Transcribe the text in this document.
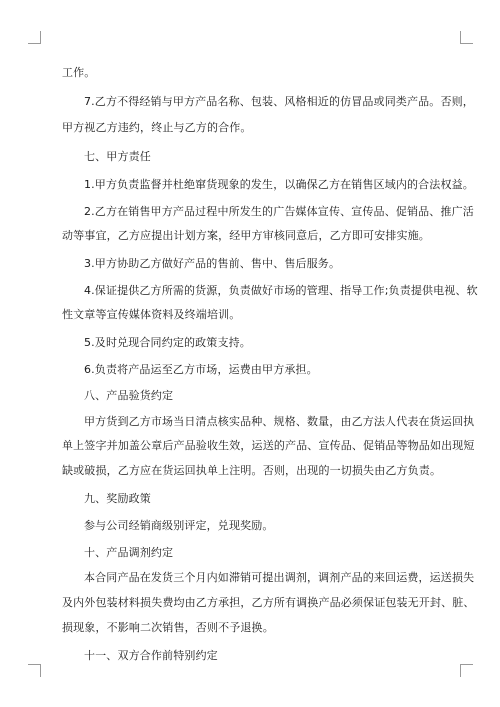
工作。
7.乙方不得经销与甲方产品名称、包装、风格相近的仿冒品或同类产品。否则，
甲方视乙方违约，终止与乙方的合作。
七、甲方责任
1.甲方负责监督并杜绝窜货现象的发生，以确保乙方在销售区域内的合法权益。
2.乙方在销售甲方产品过程中所发生的广告媒体宣传、宣传品、促销品、推广活
动等事宜，乙方应提出计划方案，经甲方审核同意后，乙方即可安排实施。
3.甲方协助乙方做好产品的售前、售中、售后服务。
4.保证提供乙方所需的货源，负责做好市场的管理、指导工作;负责提供电视、软
性文章等宣传媒体资料及终端培训。
5.及时兑现合同约定的政策支持。
6.负责将产品运至乙方市场，运费由甲方承担。
八、产品验货约定
甲方货到乙方市场当日清点核实品种、规格、数量，由乙方法人代表在货运回执
单上签字并加盖公章后产品验收生效，运送的产品、宣传品、促销品等物品如出现短
缺或破损，乙方应在货运回执单上注明。否则，出现的一切损失由乙方负责。
九、奖励政策
参与公司经销商级别评定，兑现奖励。
十、产品调剂约定
本合同产品在发货三个月内如滞销可提出调剂，调剂产品的来回运费，运送损失
及内外包装材料损失费均由乙方承担，乙方所有调换产品必须保证包装无开封、脏、
损现象，不影响二次销售，否则不予退换。
十一、双方合作前特别约定
